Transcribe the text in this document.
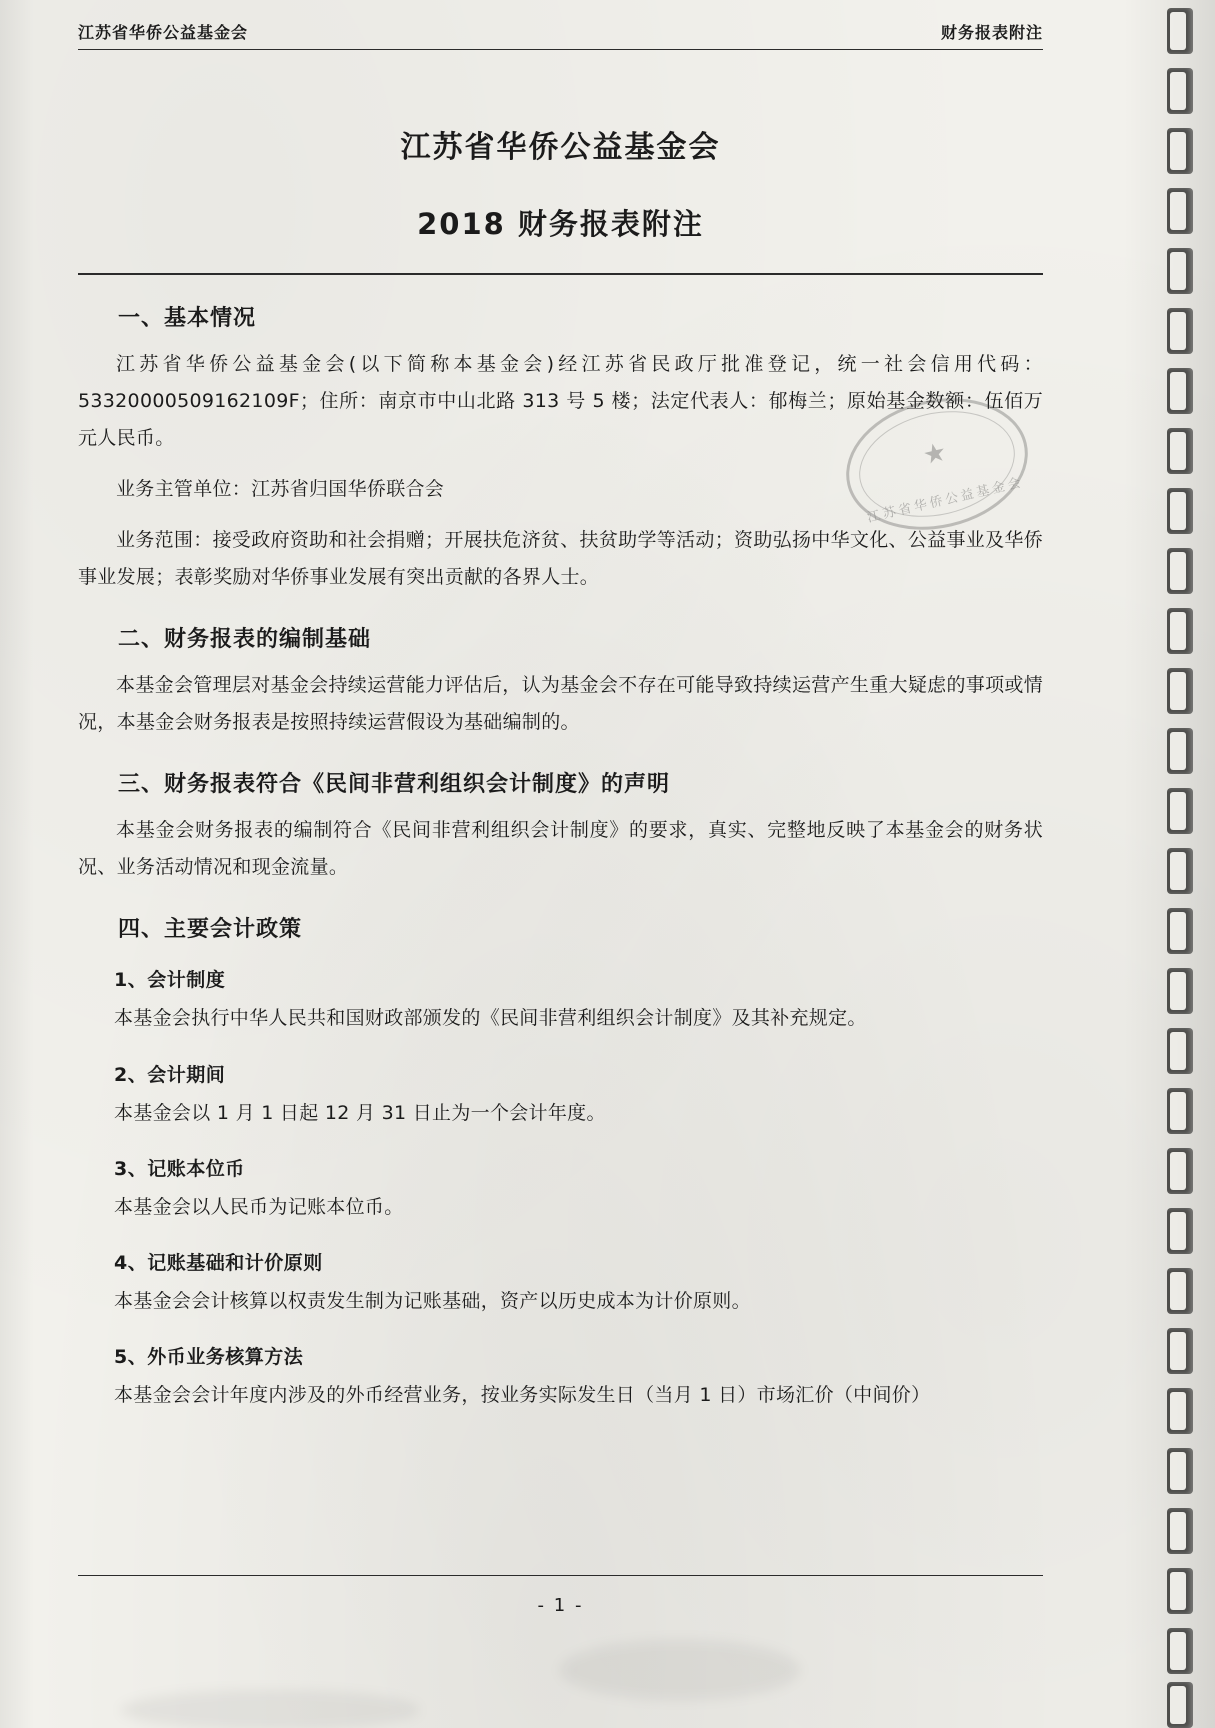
江苏省华侨公益基金会	财务报表附注
江苏省华侨公益基金会
2018 财务报表附注
一、基本情况

江苏省华侨公益基金会(以下简称本基金会)经江苏省民政厅批准登记，统一社会信用代码：53320000509162109F；住所：南京市中山北路 313 号 5 楼；法定代表人：郁梅兰；原始基金数额：伍佰万元人民币。

业务主管单位：江苏省归国华侨联合会

业务范围：接受政府资助和社会捐赠；开展扶危济贫、扶贫助学等活动；资助弘扬中华文化、公益事业及华侨事业发展；表彰奖励对华侨事业发展有突出贡献的各界人士。

二、财务报表的编制基础

本基金会管理层对基金会持续运营能力评估后，认为基金会不存在可能导致持续运营产生重大疑虑的事项或情况，本基金会财务报表是按照持续运营假设为基础编制的。

三、财务报表符合《民间非营利组织会计制度》的声明

本基金会财务报表的编制符合《民间非营利组织会计制度》的要求，真实、完整地反映了本基金会的财务状况、业务活动情况和现金流量。

四、主要会计政策
1、会计制度

本基金会执行中华人民共和国财政部颁发的《民间非营利组织会计制度》及其补充规定。

2、会计期间

本基金会以 1 月 1 日起 12 月 31 日止为一个会计年度。

3、记账本位币

本基金会以人民币为记账本位币。

4、记账基础和计价原则

本基金会会计核算以权责发生制为记账基础，资产以历史成本为计价原则。

5、外币业务核算方法

本基金会会计年度内涉及的外币经营业务，按业务实际发生日（当月 1 日）市场汇价（中间价）

★
江苏省华侨公益基金会
- 1 -
